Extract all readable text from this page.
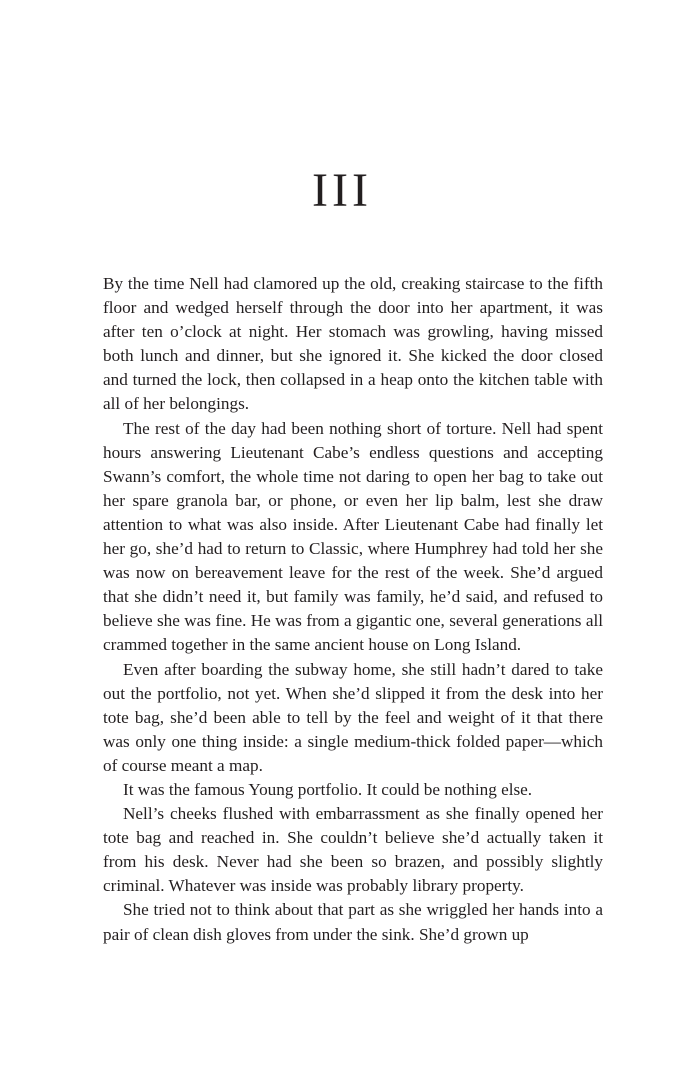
III

By the time Nell had clamored up the old, creaking staircase to the fifth floor and wedged herself through the door into her apartment, it was after ten o’clock at night. Her stomach was growling, having missed both lunch and dinner, but she ignored it. She kicked the door closed and turned the lock, then collapsed in a heap onto the kitchen table with all of her belongings.

The rest of the day had been nothing short of torture. Nell had spent hours answering Lieutenant Cabe’s endless questions and accepting Swann’s comfort, the whole time not daring to open her bag to take out her spare granola bar, or phone, or even her lip balm, lest she draw attention to what was also inside. After Lieutenant Cabe had finally let her go, she’d had to return to Classic, where Humphrey had told her she was now on bereavement leave for the rest of the week. She’d argued that she didn’t need it, but family was family, he’d said, and refused to believe she was fine. He was from a gigantic one, several generations all crammed together in the same ancient house on Long Island.

Even after boarding the subway home, she still hadn’t dared to take out the portfolio, not yet. When she’d slipped it from the desk into her tote bag, she’d been able to tell by the feel and weight of it that there was only one thing inside: a single medium-thick folded paper—which of course meant a map.

It was the famous Young portfolio. It could be nothing else.

Nell’s cheeks flushed with embarrassment as she finally opened her tote bag and reached in. She couldn’t believe she’d actually taken it from his desk. Never had she been so brazen, and possibly slightly criminal. Whatever was inside was probably library property.

She tried not to think about that part as she wriggled her hands into a pair of clean dish gloves from under the sink. She’d grown up
